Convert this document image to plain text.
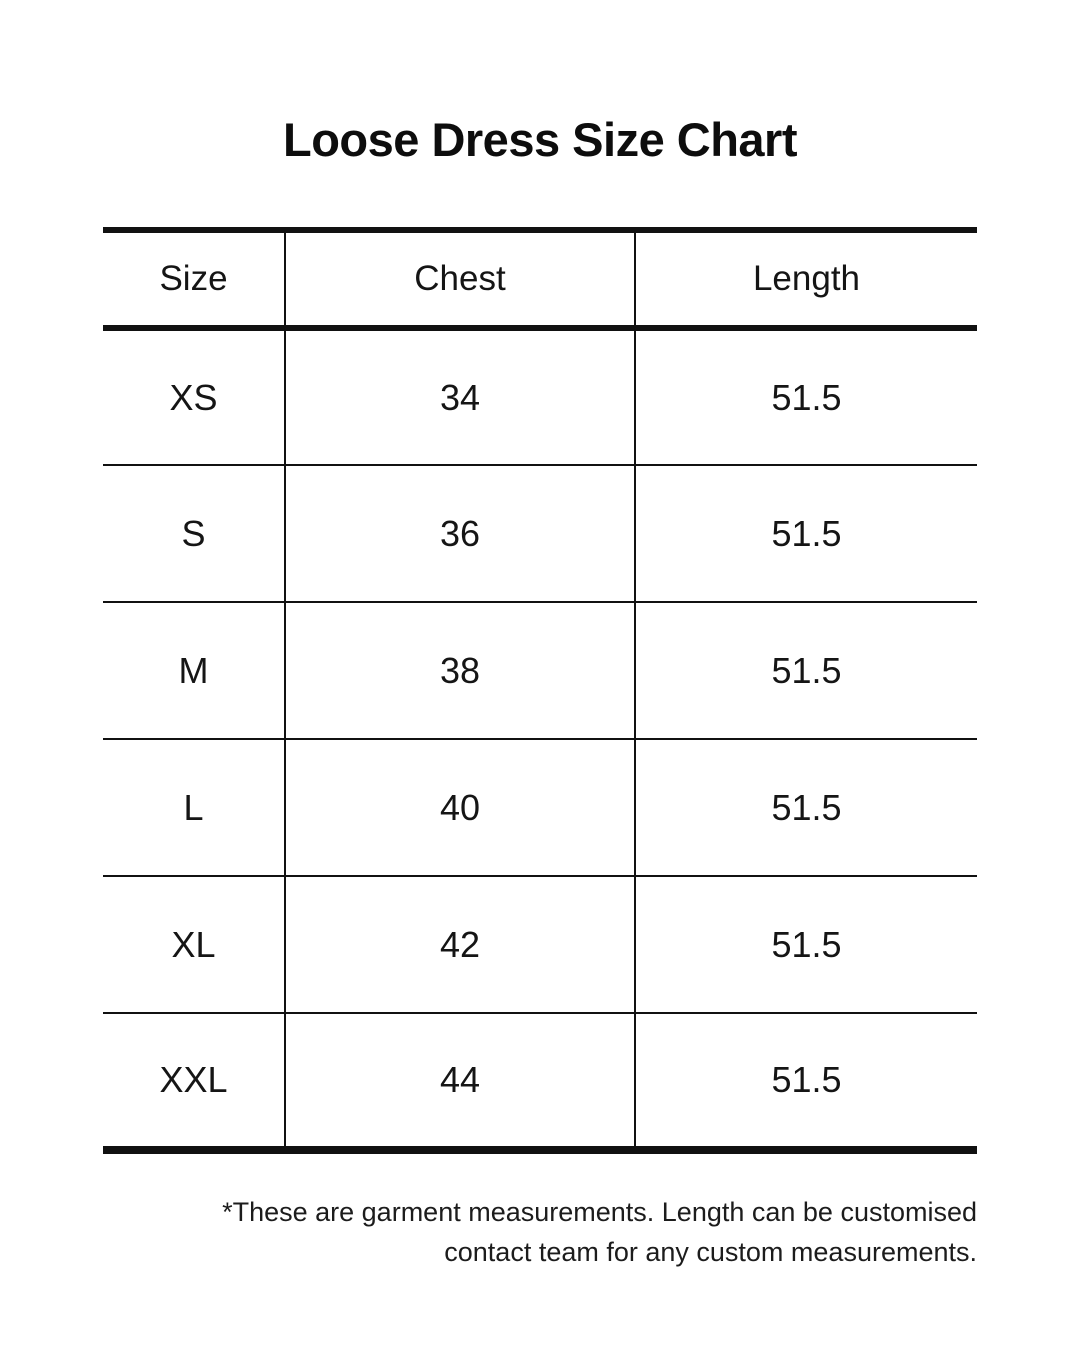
Loose Dress Size Chart
Size	Chest	Length
XS	34	51.5
S	36	51.5
M	38	51.5
L	40	51.5
XL	42	51.5
XXL	44	51.5
*These are garment measurements. Length can be customised
contact team for any custom measurements.
